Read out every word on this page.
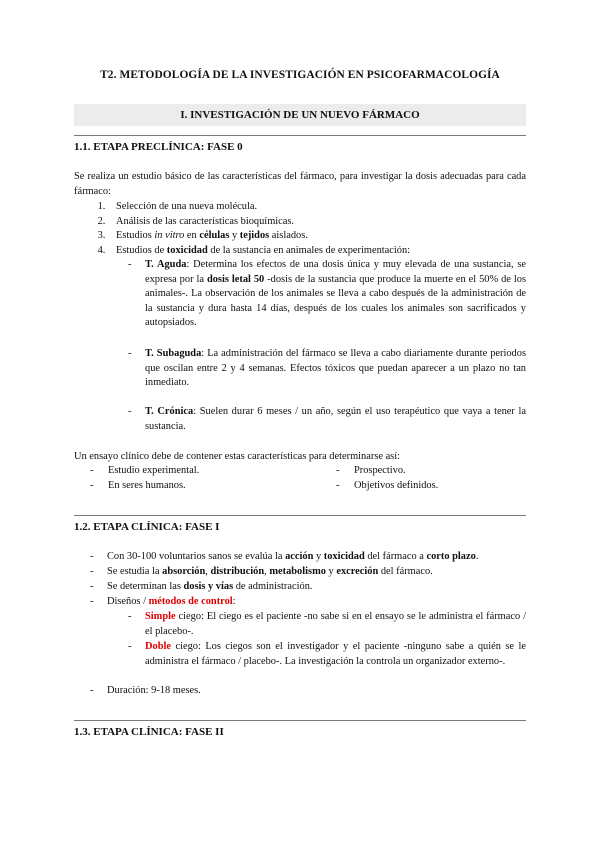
T2. METODOLOGÍA DE LA INVESTIGACIÓN EN PSICOFARMACOLOGÍA
I. INVESTIGACIÓN DE UN NUEVO FÁRMACO
1.1. ETAPA PRECLÍNICA: FASE 0

Se realiza un estudio básico de las características del fármaco, para investigar la dosis adecuadas para cada fármaco:

1. Selección de una nueva molécula.
2. Análisis de las características bioquímicas.
3. Estudios in vitro en células y tejidos aislados.
4. Estudios de toxicidad de la sustancia en animales de experimentación:
- T. Aguda: Determina los efectos de una dosis única y muy elevada de una sustancia, se expresa por la dosis letal 50 -dosis de la sustancia que produce la muerte en el 50% de los animales-. La observación de los animales se lleva a cabo después de la administración de la sustancia y dura hasta 14 días, después de los cuales los animales son sacrificados y autopsiados.
- T. Subaguda: La administración del fármaco se lleva a cabo diariamente durante periodos que oscilan entre 2 y 4 semanas. Efectos tóxicos que puedan aparecer a un plazo no tan inmediato.
- T. Crónica: Suelen durar 6 meses / un año, según el uso terapéutico que vaya a tener la sustancia.

Un ensayo clínico debe de contener estas características para determinarse así:

- Estudio experimental.
- En seres humanos.
- Prospectivo.
- Objetivos definidos.
1.2. ETAPA CLÍNICA: FASE I
- Con 30-100 voluntarios sanos se evalúa la acción y toxicidad del fármaco a corto plazo.
- Se estudia la absorción, distribución, metabolismo y excreción del fármaco.
- Se determinan las dosis y vías de administración.
- Diseños / métodos de control:
- Simple ciego: El ciego es el paciente -no sabe si en el ensayo se le administra el fármaco / el placebo-.
- Doble ciego: Los ciegos son el investigador y el paciente -ninguno sabe a quién se le administra el fármaco / placebo-. La investigación la controla un organizador externo-.
- Duración: 9-18 meses.
1.3. ETAPA CLÍNICA: FASE II
